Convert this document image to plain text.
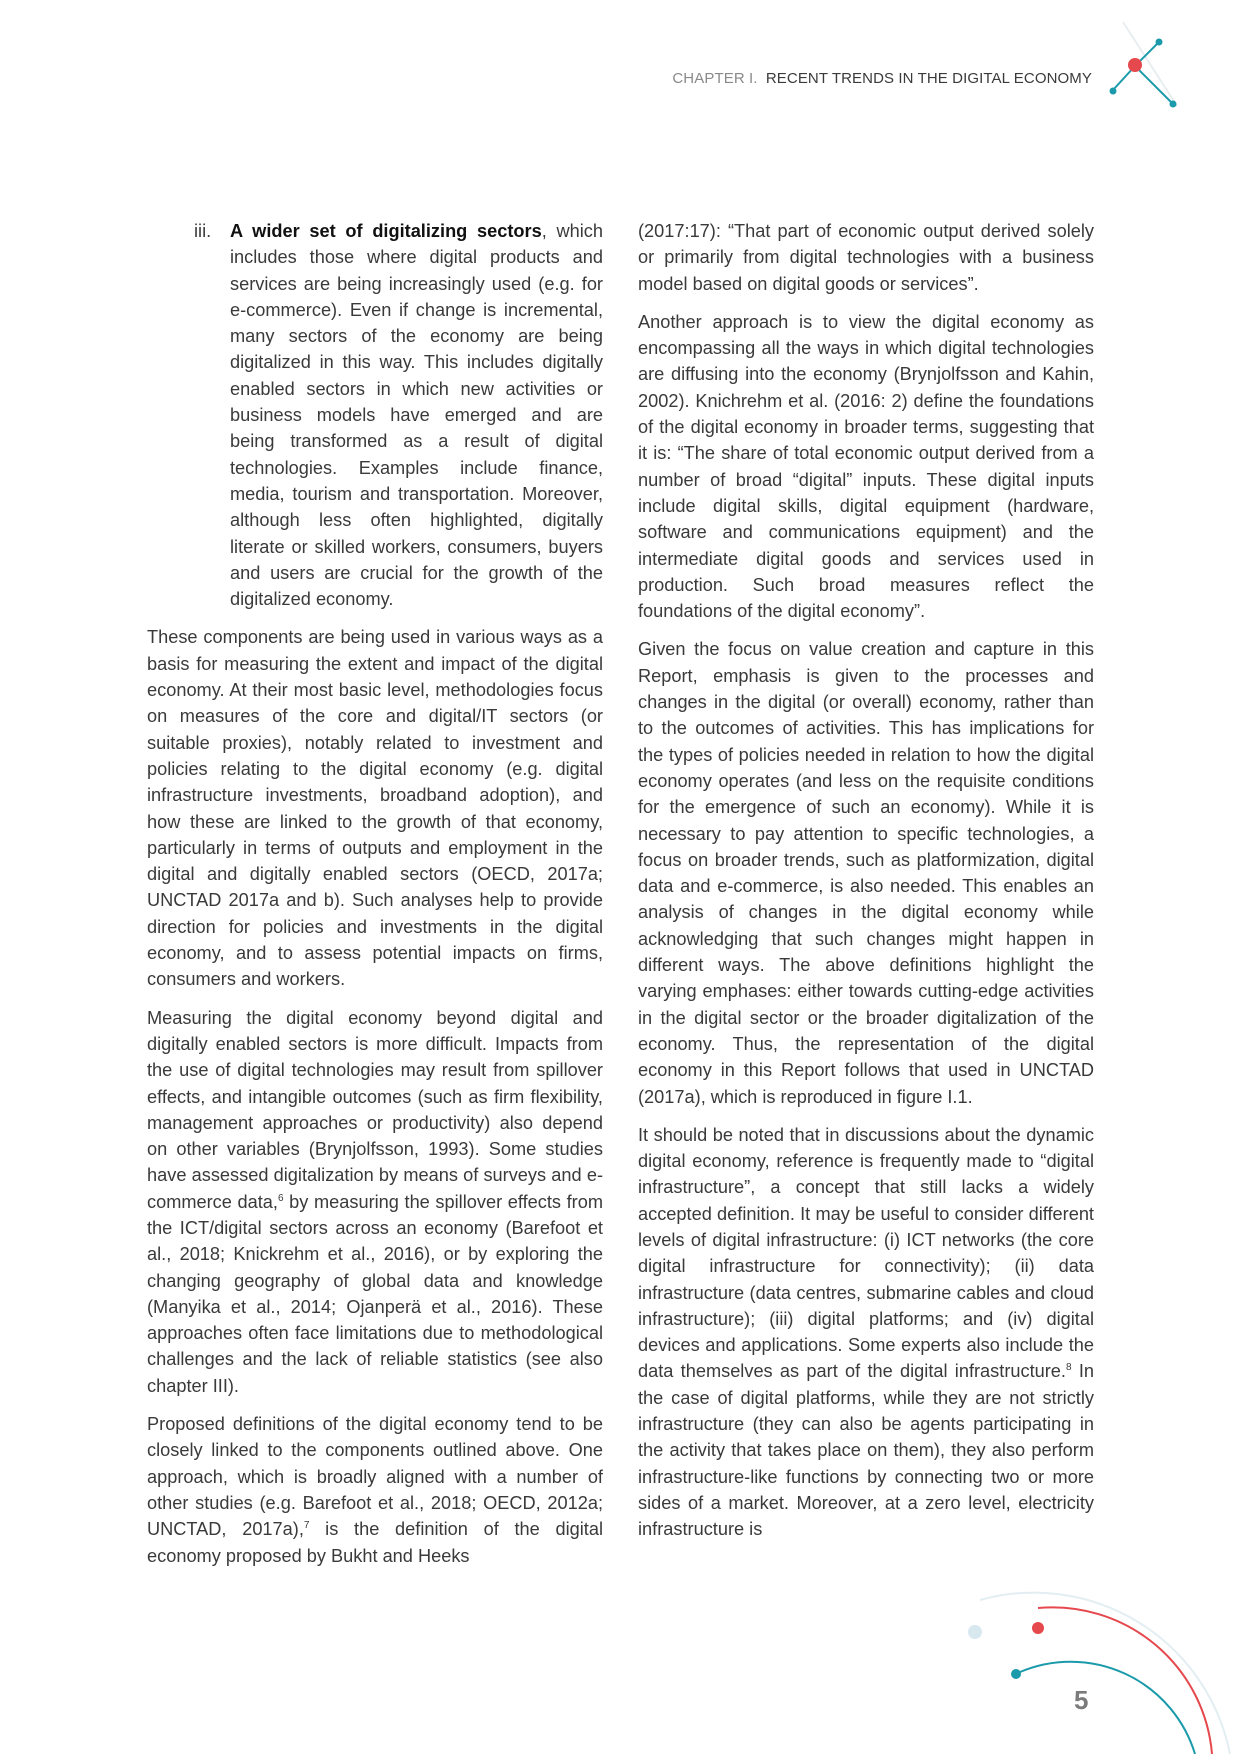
CHAPTER I. RECENT TRENDS IN THE DIGITAL ECONOMY
iii. A wider set of digitalizing sectors, which includes those where digital products and services are being increasingly used (e.g. for e-commerce). Even if change is incremental, many sectors of the economy are being digitalized in this way. This includes digitally enabled sectors in which new activities or business models have emerged and are being transformed as a result of digital technologies. Examples include finance, media, tourism and transportation. Moreover, although less often highlighted, digitally literate or skilled workers, consumers, buyers and users are crucial for the growth of the digitalized economy.

These components are being used in various ways as a basis for measuring the extent and impact of the digital economy. At their most basic level, methodologies focus on measures of the core and digital/IT sectors (or suitable proxies), notably related to investment and policies relating to the digital economy (e.g. digital infrastructure investments, broadband adoption), and how these are linked to the growth of that economy, particularly in terms of outputs and employment in the digital and digitally enabled sectors (OECD, 2017a; UNCTAD 2017a and b). Such analyses help to provide direction for policies and investments in the digital economy, and to assess potential impacts on firms, consumers and workers.

Measuring the digital economy beyond digital and digitally enabled sectors is more difficult. Impacts from the use of digital technologies may result from spillover effects, and intangible outcomes (such as firm flexibility, management approaches or productivity) also depend on other variables (Brynjolfsson, 1993). Some studies have assessed digitalization by means of surveys and e-commerce data,$^6$ by measuring the spillover effects from the ICT/digital sectors across an economy (Barefoot et al., 2018; Knickrehm et al., 2016), or by exploring the changing geography of global data and knowledge (Manyika et al., 2014; Ojanperä et al., 2016). These approaches often face limitations due to methodological challenges and the lack of reliable statistics (see also chapter III).

Proposed definitions of the digital economy tend to be closely linked to the components outlined above. One approach, which is broadly aligned with a number of other studies (e.g. Barefoot et al., 2018; OECD, 2012a; UNCTAD, 2017a),$^7$ is the definition of the digital economy proposed by Bukht and Heeks

(2017:17): “That part of economic output derived solely or primarily from digital technologies with a business model based on digital goods or services”.

Another approach is to view the digital economy as encompassing all the ways in which digital technologies are diffusing into the economy (Brynjolfsson and Kahin, 2002). Knichrehm et al. (2016: 2) define the foundations of the digital economy in broader terms, suggesting that it is: “The share of total economic output derived from a number of broad “digital” inputs. These digital inputs include digital skills, digital equipment (hardware, software and communications equipment) and the intermediate digital goods and services used in production. Such broad measures reflect the foundations of the digital economy”.

Given the focus on value creation and capture in this Report, emphasis is given to the processes and changes in the digital (or overall) economy, rather than to the outcomes of activities. This has implications for the types of policies needed in relation to how the digital economy operates (and less on the requisite conditions for the emergence of such an economy). While it is necessary to pay attention to specific technologies, a focus on broader trends, such as platformization, digital data and e-commerce, is also needed. This enables an analysis of changes in the digital economy while acknowledging that such changes might happen in different ways. The above definitions highlight the varying emphases: either towards cutting-edge activities in the digital sector or the broader digitalization of the economy. Thus, the representation of the digital economy in this Report follows that used in UNCTAD (2017a), which is reproduced in figure I.1.

It should be noted that in discussions about the dynamic digital economy, reference is frequently made to “digital infrastructure”, a concept that still lacks a widely accepted definition. It may be useful to consider different levels of digital infrastructure: (i) ICT networks (the core digital infrastructure for connectivity); (ii) data infrastructure (data centres, submarine cables and cloud infrastructure); (iii) digital platforms; and (iv) digital devices and applications. Some experts also include the data themselves as part of the digital infrastructure.$^8$ In the case of digital platforms, while they are not strictly infrastructure (they can also be agents participating in the activity that takes place on them), they also perform infrastructure-like functions by connecting two or more sides of a market. Moreover, at a zero level, electricity infrastructure is

5
